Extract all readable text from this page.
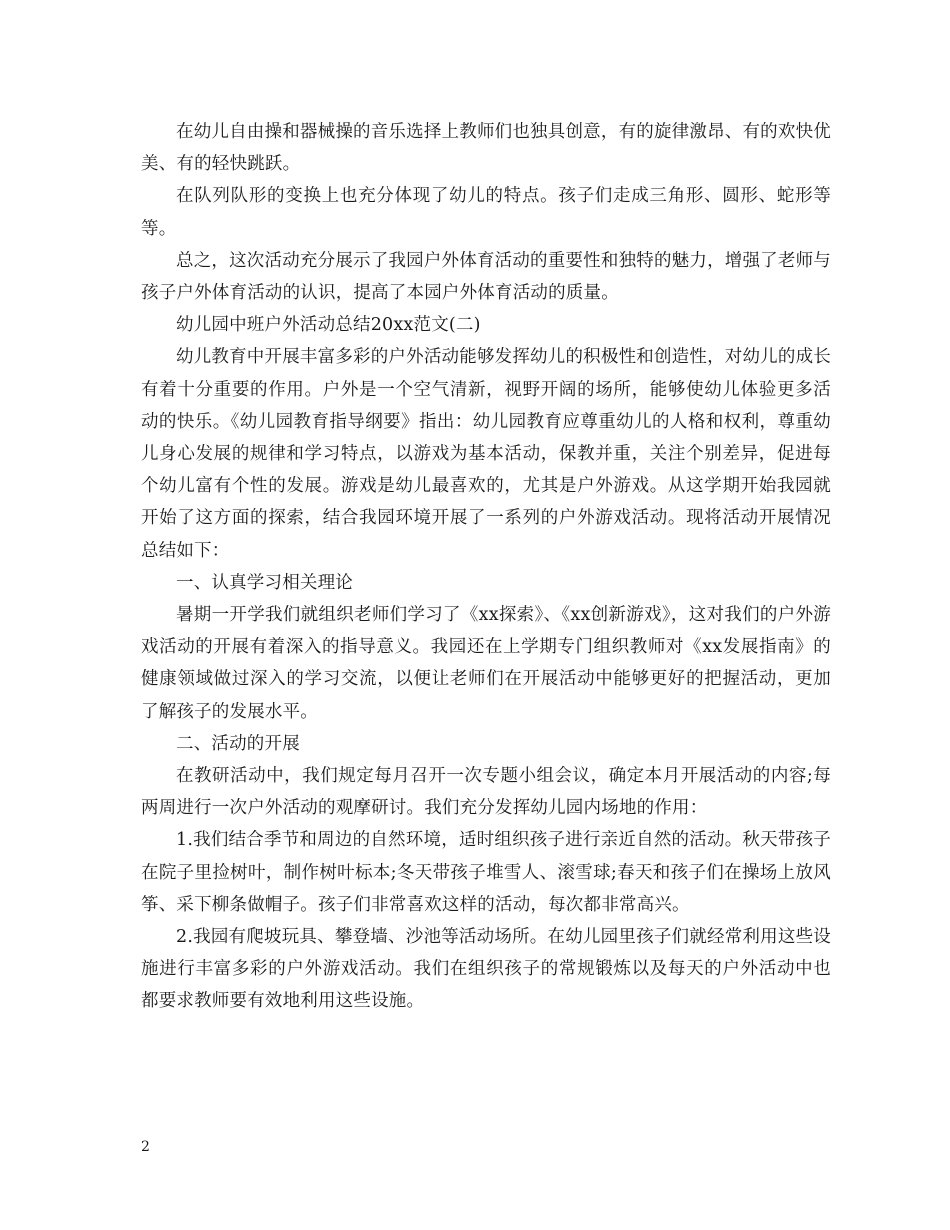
在幼儿自由操和器械操的音乐选择上教师们也独具创意，有的旋律激昂、有的欢快优美、有的轻快跳跃。

在队列队形的变换上也充分体现了幼儿的特点。孩子们走成三角形、圆形、蛇形等等。

总之，这次活动充分展示了我园户外体育活动的重要性和独特的魅力，增强了老师与孩子户外体育活动的认识，提高了本园户外体育活动的质量。

幼儿园中班户外活动总结20xx范文(二)

幼儿教育中开展丰富多彩的户外活动能够发挥幼儿的积极性和创造性，对幼儿的成长有着十分重要的作用。户外是一个空气清新，视野开阔的场所，能够使幼儿体验更多活动的快乐。《幼儿园教育指导纲要》指出：幼儿园教育应尊重幼儿的人格和权利，尊重幼儿身心发展的规律和学习特点，以游戏为基本活动，保教并重，关注个别差异，促进每个幼儿富有个性的发展。游戏是幼儿最喜欢的，尤其是户外游戏。从这学期开始我园就开始了这方面的探索，结合我园环境开展了一系列的户外游戏活动。现将活动开展情况总结如下：

一、认真学习相关理论

暑期一开学我们就组织老师们学习了《xx探索》、《xx创新游戏》，这对我们的户外游戏活动的开展有着深入的指导意义。我园还在上学期专门组织教师对《xx发展指南》的健康领域做过深入的学习交流，以便让老师们在开展活动中能够更好的把握活动，更加了解孩子的发展水平。

二、活动的开展

在教研活动中，我们规定每月召开一次专题小组会议，确定本月开展活动的内容;每两周进行一次户外活动的观摩研讨。我们充分发挥幼儿园内场地的作用：

1.我们结合季节和周边的自然环境，适时组织孩子进行亲近自然的活动。秋天带孩子在院子里捡树叶，制作树叶标本;冬天带孩子堆雪人、滚雪球;春天和孩子们在操场上放风筝、采下柳条做帽子。孩子们非常喜欢这样的活动，每次都非常高兴。

2.我园有爬坡玩具、攀登墙、沙池等活动场所。在幼儿园里孩子们就经常利用这些设施进行丰富多彩的户外游戏活动。我们在组织孩子的常规锻炼以及每天的户外活动中也都要求教师要有效地利用这些设施。

2
